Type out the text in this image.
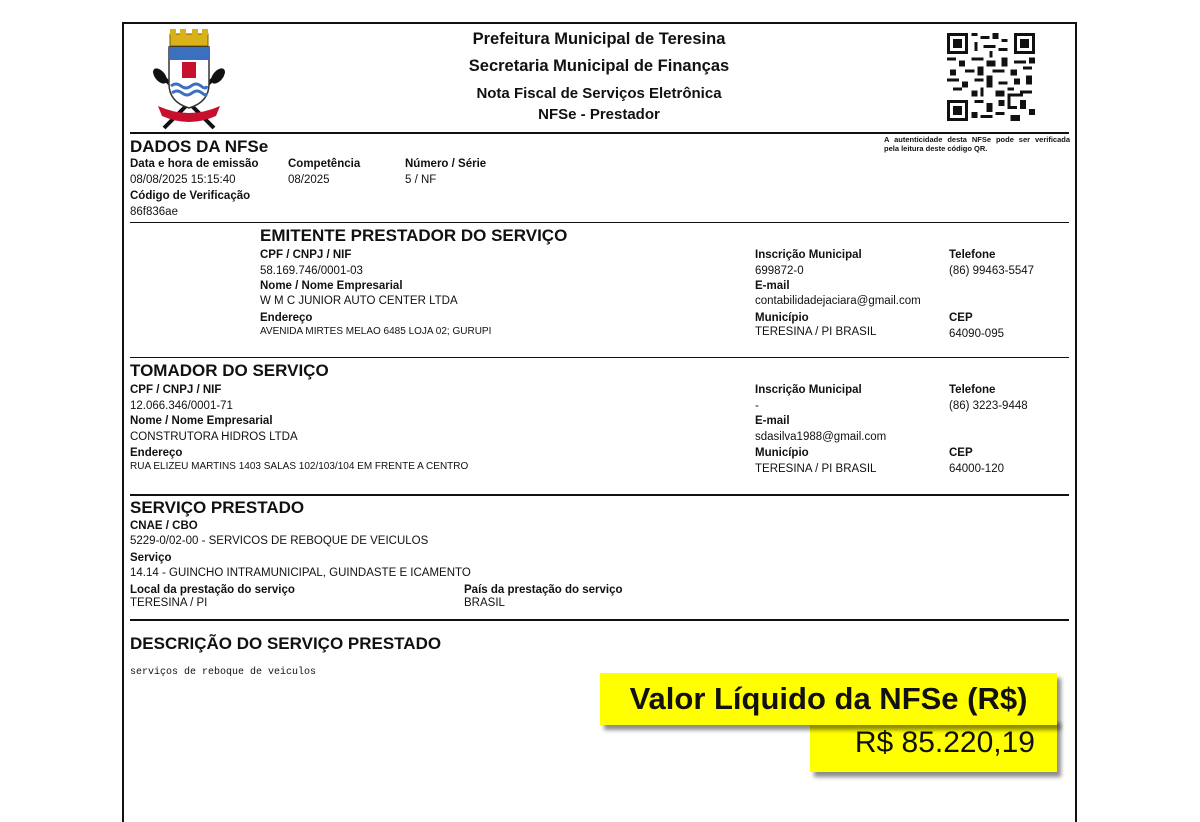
Prefeitura Municipal de Teresina
Secretaria Municipal de Finanças
Nota Fiscal de Serviços Eletrônica
NFSe - Prestador
A autenticidade desta NFSe pode ser verificada pela leitura deste código QR.
DADOS DA NFSe
Data e hora de emissão
08/08/2025 15:15:40
Competência
08/2025
Número / Série
5 / NF
Código de Verificação
86f836ae
EMITENTE PRESTADOR DO SERVIÇO
CPF / CNPJ / NIF
58.169.746/0001-03
Nome / Nome Empresarial
W M C JUNIOR AUTO CENTER LTDA
Endereço
AVENIDA MIRTES MELAO 6485 LOJA 02; GURUPI
Inscrição Municipal
699872-0
E-mail
contabilidadejaciara@gmail.com
Município
TERESINA / PI BRASIL
Telefone
(86) 99463-5547
CEP
64090-095
TOMADOR DO SERVIÇO
CPF / CNPJ / NIF
12.066.346/0001-71
Nome / Nome Empresarial
CONSTRUTORA HIDROS LTDA
Endereço
RUA ELIZEU MARTINS 1403 SALAS 102/103/104 EM FRENTE A CENTRO
Inscrição Municipal
-
E-mail
sdasilva1988@gmail.com
Município
TERESINA / PI BRASIL
Telefone
(86) 3223-9448
CEP
64000-120
SERVIÇO PRESTADO
CNAE / CBO
5229-0/02-00 - SERVICOS DE REBOQUE DE VEICULOS
Serviço
14.14 - GUINCHO INTRAMUNICIPAL, GUINDASTE E ICAMENTO
Local da prestação do serviço
TERESINA / PI
País da prestação do serviço
BRASIL
DESCRIÇÃO DO SERVIÇO PRESTADO
serviços de reboque de veiculos
R$ 85.220,19
Valor Líquido da NFSe (R$)
